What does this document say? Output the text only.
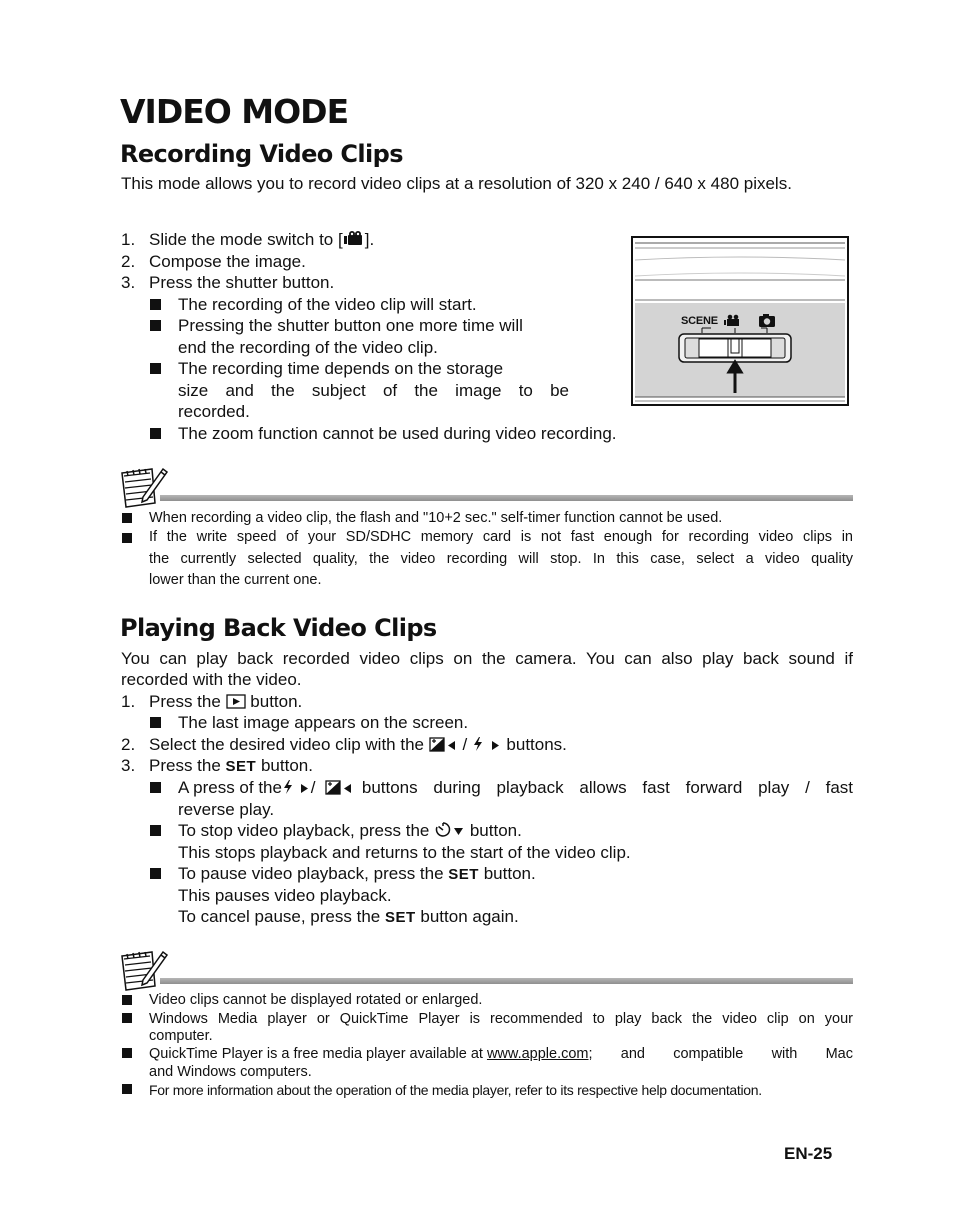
VIDEO MODE
Recording Video Clips
This mode allows you to record video clips at a resolution of 320 x 240 / 640 x 480 pixels.
1. Slide the mode switch to [ ].
2. Compose the image.
3. Press the shutter button.
The recording of the video clip will start.
Pressing the shutter button one more time will
end the recording of the video clip.
The recording time depends on the storage
size and the subject of the image to be
recorded.
The zoom function cannot be used during video recording.
SCENE
When recording a video clip, the flash and "10+2 sec." self-timer function cannot be used.
If the write speed of your SD/SDHC memory card is not fast enough for recording video clips in
the currently selected quality, the video recording will stop. In this case, select a video quality
lower than the current one.
Playing Back Video Clips
You can play back recorded video clips on the camera. You can also play back sound if
recorded with the video.
1. Press the button.
The last image appears on the screen.
2. Select the desired video clip with the / buttons.
3. Press the SET button.
A press of the	/	buttons during playback allows fast forward play / fast
reverse play.
To stop video playback, press the button.
This stops playback and returns to the start of the video clip.
To pause video playback, press the SET button.
This pauses video playback.
To cancel pause, press the SET button again.
Video clips cannot be displayed rotated or enlarged.
Windows Media player or QuickTime Player is recommended to play back the video clip on your
computer.
QuickTime Player is a free media player available at
www.apple.com ; and compatible with Mac
and Windows computers.
For more information about the operation of the media player, refer to its respective help documentation.
EN-25
